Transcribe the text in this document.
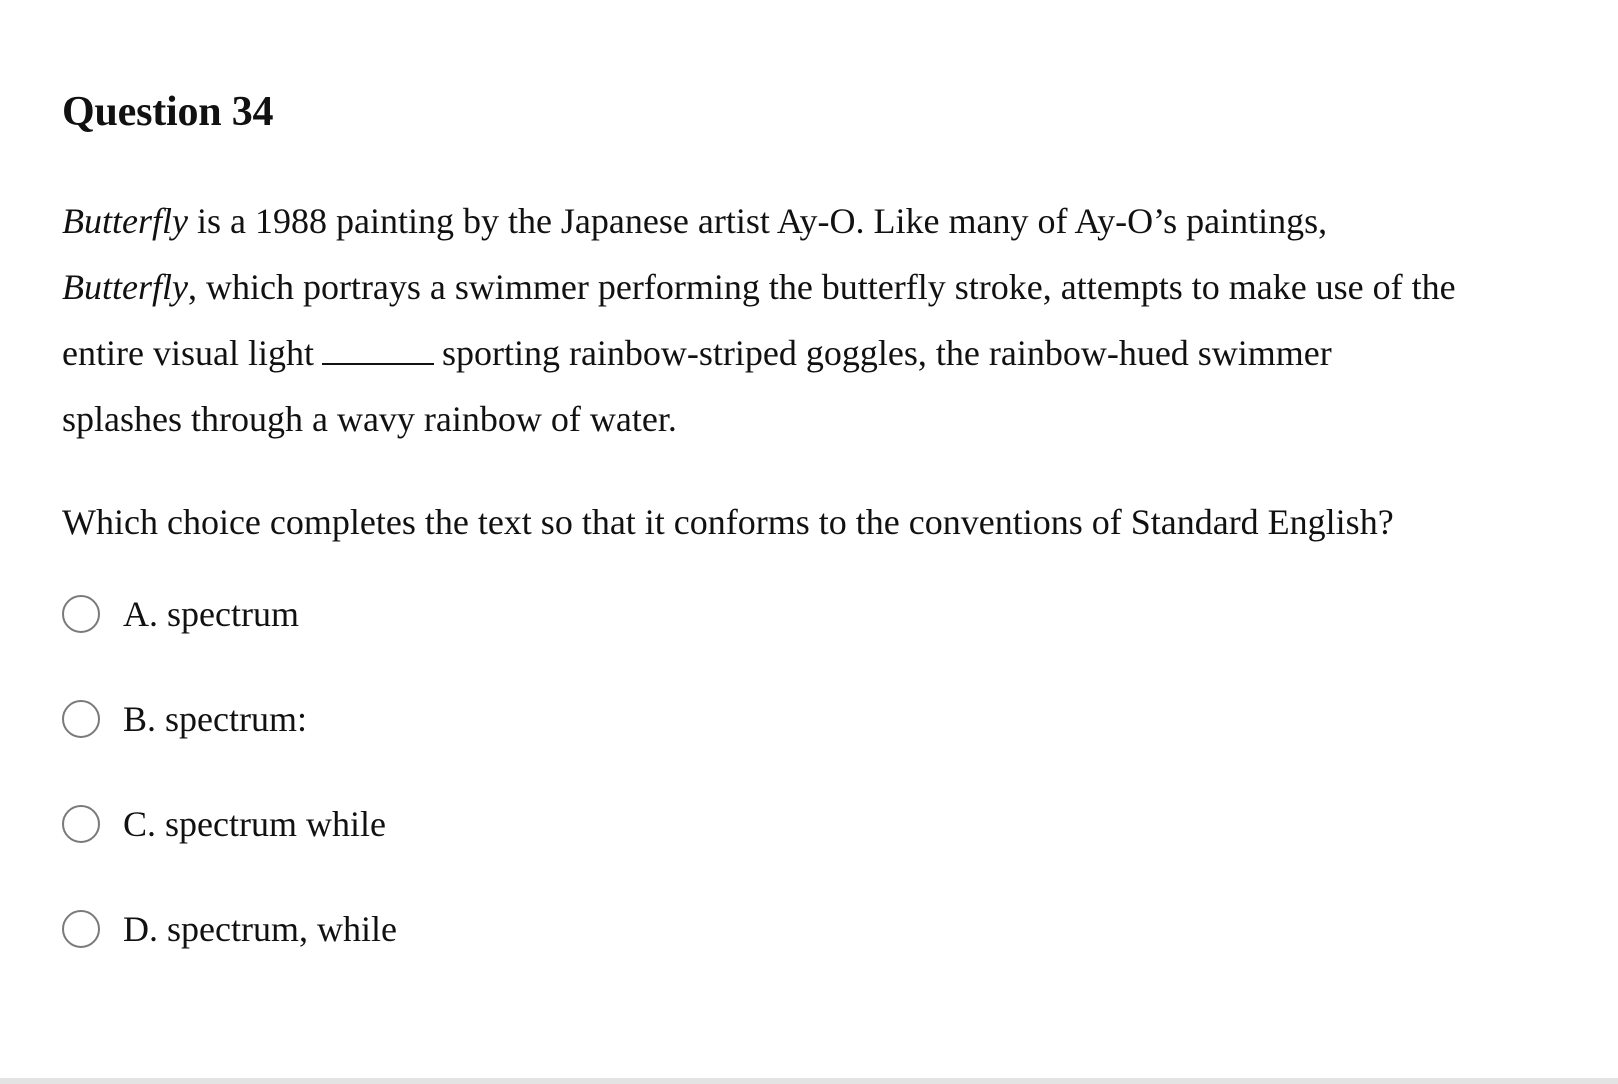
Question 34

Butterfly is a 1988 painting by the Japanese artist Ay-O. Like many of Ay-O’s paintings,
Butterfly, which portrays a swimmer performing the butterfly stroke, attempts to make use of the
entire visual light	sporting rainbow-striped goggles, the rainbow-hued swimmer
splashes through a wavy rainbow of water.

Which choice completes the text so that it conforms to the conventions of Standard English?

A. spectrum
B. spectrum:
C. spectrum while
D. spectrum, while
